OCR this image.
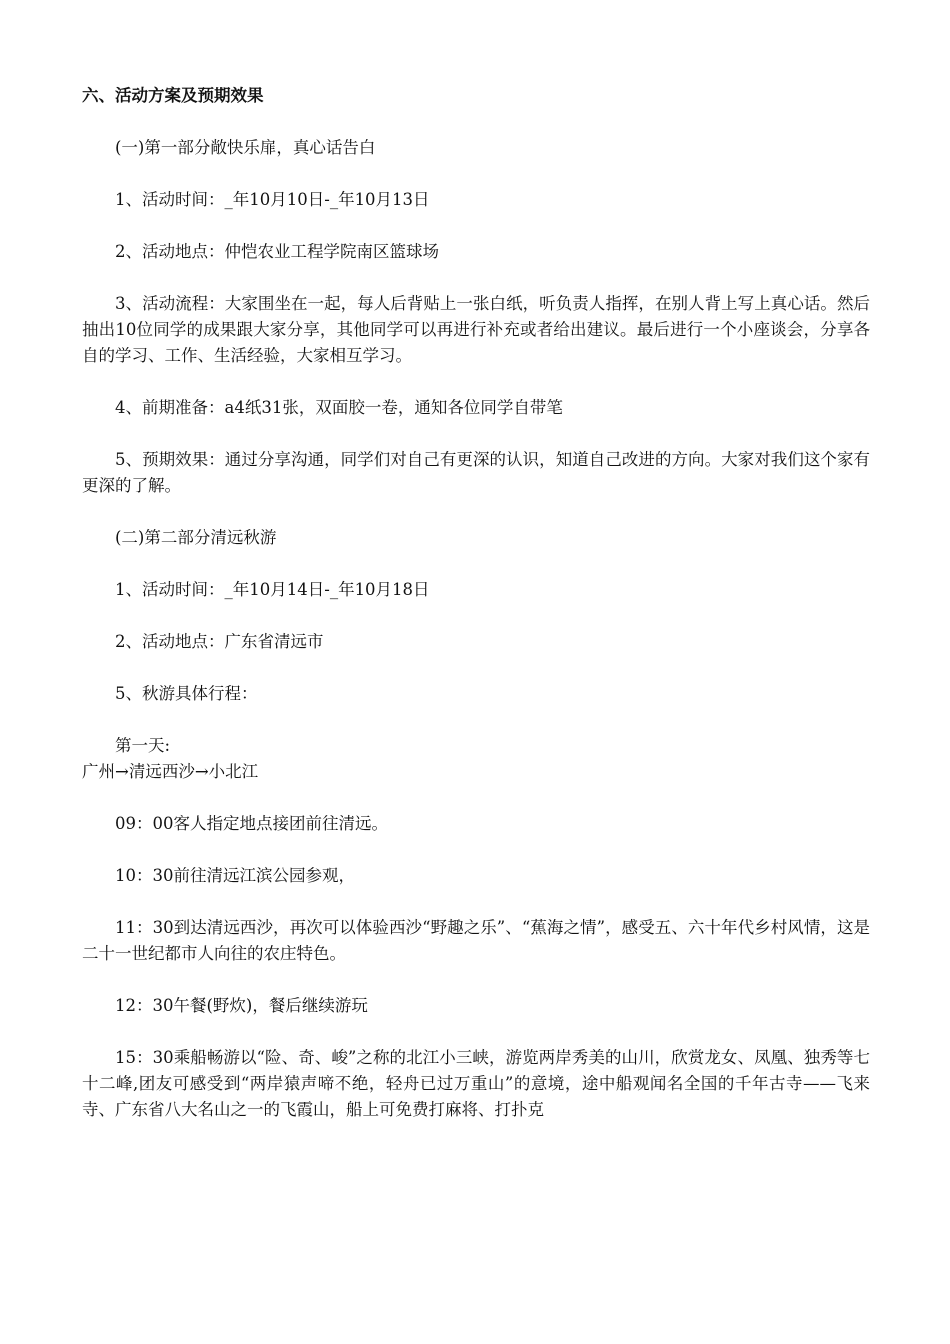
六、活动方案及预期效果

(一)第一部分敞快乐扉，真心话告白

1、活动时间：_年10月10日-_年10月13日

2、活动地点：仲恺农业工程学院南区篮球场

3、活动流程：大家围坐在一起，每人后背贴上一张白纸，听负责人指挥，在别人背上写上真心话。然后抽出10位同学的成果跟大家分享，其他同学可以再进行补充或者给出建议。最后进行一个小座谈会，分享各自的学习、工作、生活经验，大家相互学习。

4、前期准备：a4纸31张，双面胶一卷，通知各位同学自带笔

5、预期效果：通过分享沟通，同学们对自己有更深的认识，知道自己改进的方向。大家对我们这个家有更深的了解。

(二)第二部分清远秋游

1、活动时间：_年10月14日-_年10月18日

2、活动地点：广东省清远市

5、秋游具体行程：

第一天:

广州→清远西沙→小北江

09：00客人指定地点接团前往清远。

10：30前往清远江滨公园参观，

11：30到达清远西沙，再次可以体验西沙“野趣之乐”、“蕉海之情”，感受五、六十年代乡村风情，这是二十一世纪都市人向往的农庄特色。

12：30午餐(野炊)，餐后继续游玩

15：30乘船畅游以“险、奇、峻”之称的北江小三峡，游览两岸秀美的山川，欣赏龙女、凤凰、独秀等七十二峰,团友可感受到“两岸猿声啼不绝，轻舟已过万重山”的意境，途中船观闻名全国的千年古寺——飞来寺、广东省八大名山之一的飞霞山，船上可免费打麻将、打扑克
